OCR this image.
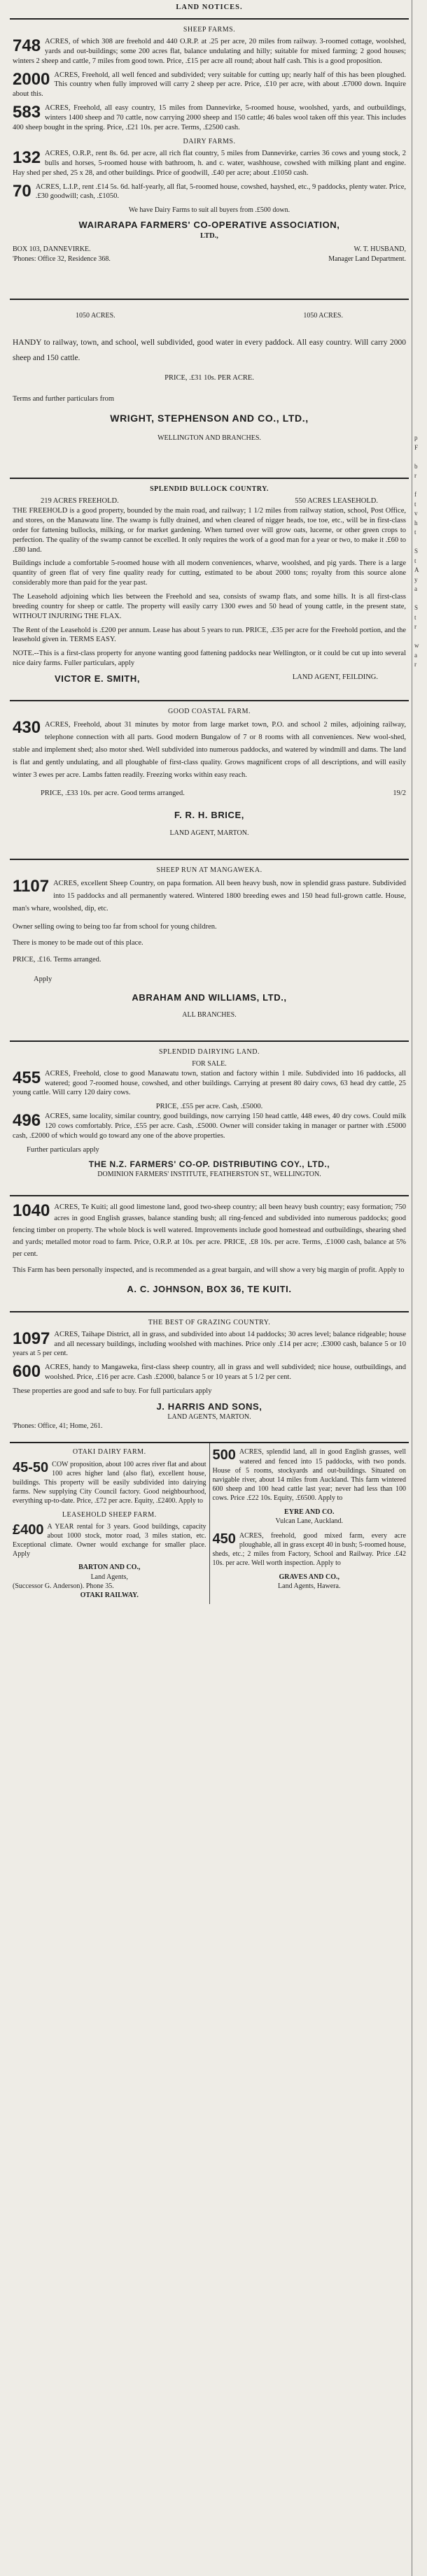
p
F

b
r

f
t
v
h
t

S
t
A
y
a

S
t
r

w
a
r
LAND NOTICES.
SHEEP FARMS.

748 ACRES, of which 308 are freehold and 440 O.R.P. at .25 per acre, 20 miles from railway. 3-roomed cottage, woolshed, yards and out-buildings; some 200 acres flat, balance undulating and hilly; suitable for mixed farming; 2 good houses; winters 2 sheep and cattle, 7 miles from good town. Price, .£15 per acre all round; about half cash. This is a good proposition.

2000 ACRES, Freehold, all well fenced and subdivided; very suitable for cutting up; nearly half of this has been ploughed. This country when fully improved will carry 2 sheep per acre. Price, .£10 per acre, with about .£7000 down. Inquire about this.

583 ACRES, Freehold, all easy country, 15 miles from Dannevirke, 5-roomed house, woolshed, yards, and outbuildings, winters 1400 sheep and 70 cattle, now carrying 2000 sheep and 150 cattle; 46 bales wool taken off this year. This includes 400 sheep bought in the spring. Price, .£21 10s. per acre. Terms, .£2500 cash.

DAIRY FARMS.

132 ACRES, O.R.P., rent 8s. 6d. per acre, all rich flat country, 5 miles from Dannevirke, carries 36 cows and young stock, 2 bulls and horses, 5-roomed house with bathroom, h. and c. water, washhouse, cowshed with milking plant and engine. Hay shed per shed, 25 x 28, and other buildings. Price of goodwill, .£40 per acre; about .£1050 cash.

70 ACRES, L.I.P., rent .£14 5s. 6d. half-yearly, all flat, 5-roomed house, cowshed, hayshed, etc., 9 paddocks, plenty water. Price, .£30 goodwill; cash, .£1050.

We have Dairy Farms to suit all buyers from .£500 down.
WAIRARAPA FARMERS' CO-OPERATIVE ASSOCIATION,
LTD.,
BOX 103, DANNEVIRKE.
'Phones: Office 32, Residence 368.
W. T. HUSBAND,
Manager Land Department.
1050 ACRES.	1050 ACRES.

HANDY to railway, town, and school, well subdivided, good water in every paddock. All easy country. Will carry 2000 sheep and 150 cattle.

PRICE, .£31 10s. PER ACRE.
Terms and further particulars from
WRIGHT, STEPHENSON AND CO., LTD.,
WELLINGTON AND BRANCHES.
SPLENDID BULLOCK COUNTRY.
219 ACRES FREEHOLD.	550 ACRES LEASEHOLD.

THE FREEHOLD is a good property, bounded by the main road, and railway; 1 1/2 miles from railway station, school, Post Office, and stores, on the Manawatu line. The swamp is fully drained, and when cleared of nigger heads, toe toe, etc., will be in first-class order for fattening bullocks, milking, or for market gardening. When turned over will grow oats, lucerne, or other green crops to perfection. The quality of the swamp cannot be excelled. It only requires the work of a good man for a year or two, to make it .£60 to .£80 land.

Buildings include a comfortable 5-roomed house with all modern conveniences, wharve, woolshed, and pig yards. There is a large quantity of green flat of very fine quality ready for cutting, estimated to be about 2000 tons; royalty from this source alone considerably more than paid for the year past.

The Leasehold adjoining which lies between the Freehold and sea, consists of swamp flats, and some hills. It is all first-class breeding country for sheep or cattle. The property will easily carry 1300 ewes and 50 head of young cattle, in the present state, WITHOUT INJURING THE FLAX.

The Rent of the Leasehold is .£200 per annum. Lease has about 5 years to run. PRICE, .£35 per acre for the Freehold portion, and the leasehold given in. TERMS EASY.

NOTE.--This is a first-class property for anyone wanting good fattening paddocks near Wellington, or it could be cut up into several nice dairy farms. Fuller particulars, apply

VICTOR E. SMITH,	LAND AGENT, FEILDING.
GOOD COASTAL FARM.

430 ACRES, Freehold, about 31 minutes by motor from large market town, P.O. and school 2 miles, adjoining railway, telephone connection with all parts. Good modern Bungalow of 7 or 8 rooms with all conveniences. New wool-shed, stable and implement shed; also motor shed. Well subdivided into numerous paddocks, and watered by windmill and dams. The land is flat and gently undulating, and all ploughable of first-class quality. Grows magnificent crops of all descriptions, and will easily winter 3 ewes per acre. Lambs fatten readily. Freezing works within easy reach.

PRICE, .£33 10s. per acre. Good terms arranged.	19/2
F. R. H. BRICE,
LAND AGENT, MARTON.
SHEEP RUN AT MANGAWEKA.

1107 ACRES, excellent Sheep Country, on papa formation. All been heavy bush, now in splendid grass pasture. Subdivided into 15 paddocks and all permanently watered. Wintered 1800 breeding ewes and 150 head full-grown cattle. House, man's whare, woolshed, dip, etc.

Owner selling owing to being too far from school for young children.

There is money to be made out of this place.

PRICE, .£16. Terms arranged.

Apply
ABRAHAM AND WILLIAMS, LTD.,
ALL BRANCHES.
SPLENDID DAIRYING LAND.
FOR SALE.

455 ACRES, Freehold, close to good Manawatu town, station and factory within 1 mile. Subdivided into 16 paddocks, all watered; good 7-roomed house, cowshed, and other buildings. Carrying at present 80 dairy cows, 63 head dry cattle, 25 young cattle. Will carry 120 dairy cows.

PRICE, .£55 per acre. Cash, .£5000.

496 ACRES, same locality, similar country, good buildings, now carrying 150 head cattle, 448 ewes, 40 dry cows. Could milk 120 cows comfortably. Price, .£55 per acre. Cash, .£5000. Owner will consider taking in manager or partner with .£5000 cash, .£2000 of which would go toward any one of the above properties.

Further particulars apply
THE N.Z. FARMERS' CO-OP. DISTRIBUTING COY., LTD.,
DOMINION FARMERS' INSTITUTE, FEATHERSTON ST., WELLINGTON.

1040 ACRES, Te Kuiti; all good limestone land, good two-sheep country; all been heavy bush country; easy formation; 750 acres in good English grasses, balance standing bush; all ring-fenced and subdivided into numerous paddocks; good fencing timber on property. The whole block is well watered. Improvements include good homestead and outbuildings, shearing shed and yards; metalled motor road to farm. Price, O.R.P. at 10s. per acre. PRICE, .£8 10s. per acre. Terms, .£1000 cash, balance at 5% per cent.

This Farm has been personally inspected, and is recommended as a great bargain, and will show a very big margin of profit. Apply to

A. C. JOHNSON, BOX 36, TE KUITI.
THE BEST OF GRAZING COUNTRY.

1097 ACRES, Taihape District, all in grass, and subdivided into about 14 paddocks; 30 acres level; balance ridgeable; house and all necessary buildings, including woolshed with machines. Price only .£14 per acre; .£3000 cash, balance 5 or 10 years at 5 per cent.

600 ACRES, handy to Mangaweka, first-class sheep country, all in grass and well subdivided; nice house, outbuildings, and woolshed. Price, .£16 per acre. Cash .£2000, balance 5 or 10 years at 5 1/2 per cent.

These properties are good and safe to buy. For full particulars apply

J. HARRIS AND SONS,
LAND AGENTS, MARTON.
'Phones: Office, 41; Home, 261.
OTAKI DAIRY FARM.

45-50 COW proposition, about 100 acres river flat and about 100 acres higher land (also flat), excellent house, buildings. This property will be easily subdivided into dairying farms. New supplying City Council factory. Good neighbourhood, everything up-to-date. Price, .£72 per acre. Equity, .£2400. Apply to

LEASEHOLD SHEEP FARM.

£400 A YEAR rental for 3 years. Good buildings, capacity about 1000 stock, motor road, 3 miles station, etc. Exceptional climate. Owner would exchange for smaller place. Apply

BARTON AND CO.,
Land Agents,
(Successor G. Anderson). Phone 35.
OTAKI RAILWAY.

500 ACRES, splendid land, all in good English grasses, well watered and fenced into 15 paddocks, with two ponds. House of 5 rooms, stockyards and out-buildings. Situated on navigable river, about 14 miles from Auckland. This farm wintered 600 sheep and 100 head cattle last year; never had less than 100 cows. Price .£22 10s. Equity, .£6500. Apply to

EYRE AND CO.
Vulcan Lane, Auckland.

450 ACRES, freehold, good mixed farm, every acre ploughable, all in grass except 40 in bush; 5-roomed house, sheds, etc.; 2 miles from Factory, School and Railway. Price .£42 10s. per acre. Well worth inspection. Apply to

GRAVES AND CO.,
Land Agents, Hawera.
